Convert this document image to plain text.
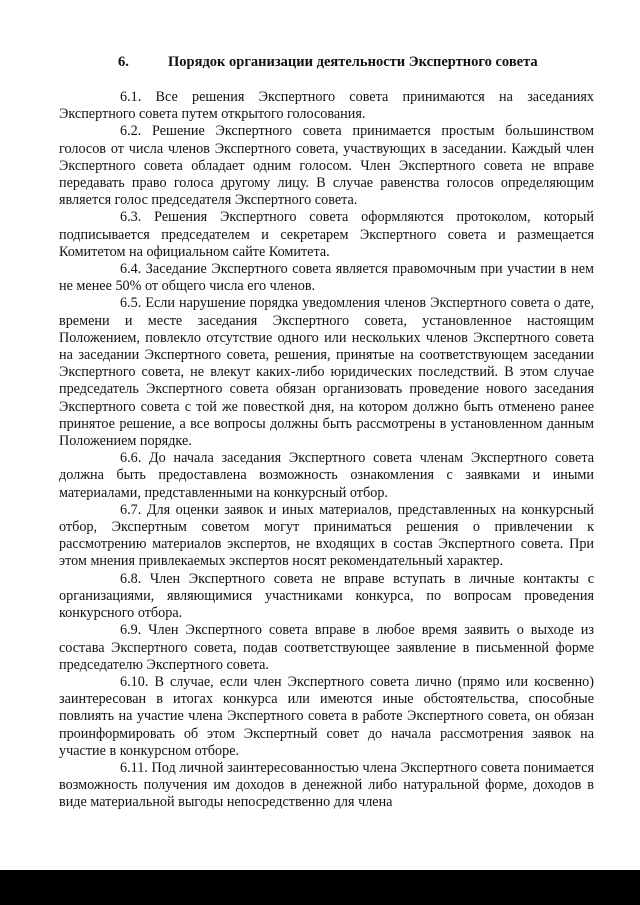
6.	Порядок организации деятельности Экспертного совета

6.1. Все решения Экспертного совета принимаются на заседаниях Экспертного совета путем открытого голосования.

6.2. Решение Экспертного совета принимается простым большинством голосов от числа членов Экспертного совета, участвующих в заседании. Каждый член Экспертного совета обладает одним голосом. Член Экспертного совета не вправе передавать право голоса другому лицу. В случае равенства голосов определяющим является голос председателя Экспертного совета.

6.3. Решения Экспертного совета оформляются протоколом, который подписывается председателем и секретарем Экспертного совета и размещается Комитетом на официальном сайте Комитета.

6.4. Заседание Экспертного совета является правомочным при участии в нем не менее 50% от общего числа его членов.

6.5. Если нарушение порядка уведомления членов Экспертного совета о дате, времени и месте заседания Экспертного совета, установленное настоящим Положением, повлекло отсутствие одного или нескольких членов Экспертного совета на заседании Экспертного совета, решения, принятые на соответствующем заседании Экспертного совета, не влекут каких-либо юридических последствий. В этом случае председатель Экспертного совета обязан организовать проведение нового заседания Экспертного совета с той же повесткой дня, на котором должно быть отменено ранее принятое решение, а все вопросы должны быть рассмотрены в установленном данным Положением порядке.

6.6. До начала заседания Экспертного совета членам Экспертного совета должна быть предоставлена возможность ознакомления с заявками и иными материалами, представленными на конкурсный отбор.

6.7. Для оценки заявок и иных материалов, представленных на конкурсный отбор, Экспертным советом могут приниматься решения о привлечении к рассмотрению материалов экспертов, не входящих в состав Экспертного совета. При этом мнения привлекаемых экспертов носят рекомендательный характер.

6.8. Член Экспертного совета не вправе вступать в личные контакты с организациями, являющимися участниками конкурса, по вопросам проведения конкурсного отбора.

6.9. Член Экспертного совета вправе в любое время заявить о выходе из состава Экспертного совета, подав соответствующее заявление в письменной форме председателю Экспертного совета.

6.10. В случае, если член Экспертного совета лично (прямо или косвенно) заинтересован в итогах конкурса или имеются иные обстоятельства, способные повлиять на участие члена Экспертного совета в работе Экспертного совета, он обязан проинформировать об этом Экспертный совет до начала рассмотрения заявок на участие в конкурсном отборе.

6.11. Под личной заинтересованностью члена Экспертного совета понимается возможность получения им доходов в денежной либо натуральной форме, доходов в виде материальной выгоды непосредственно для члена
